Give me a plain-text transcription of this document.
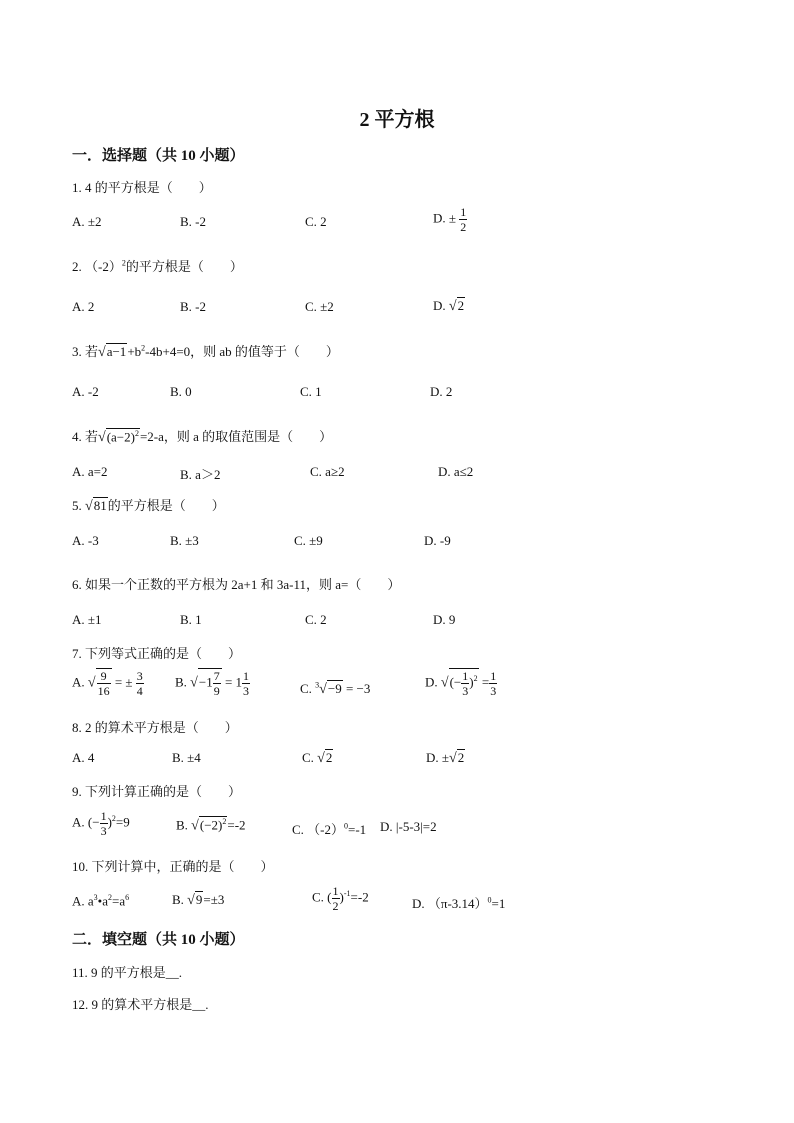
2 平方根
一．选择题（共 10 小题）
1. 4 的平方根是（　　）
A. ±2	B. -2	C. 2	D. ± $\frac{1}{2}$
2. $(-2)^2$的平方根是（　　）
A. 2	B. -2	C. ±2	D. √2
3. 若$√a-1+b^2-4b+4=0$，则 ab 的值等于（　　）
A. -2	B. 0	C. 1	D. 2
4. 若$√(a-2)^2=2-a$，则 a 的取值范围是（　　）
A. a=2	B. a＞2	C. a≥2	D. a≤2
5. √81的平方根是（　　）
A. -3	B. ±3	C. ±9	D. -9
6. 如果一个正数的平方根为 2a+1 和 3a-11，则 a=（　　）
A. ±1	B. 1	C. 2	D. 9
7. 下列等式正确的是（　　）
A. √ $\frac{9}{16}$ = ± $\frac{3}{4} B$. $√-1 \frac{7}{9} = 1 \frac{1}{3}$	C. $^3$√−9 = −3	D. √(− $\frac{1}{3} )^2 = \frac{1}{3}$
8. 2 的算术平方根是（　　）
A. 4	B. ±4	C. √2	D. ±√2
9. 下列计算正确的是（　　）
A. (− $\frac{1}{3} )^2=9$	B. $√(-2)^2=-2$	C. $(-2)^0=-1$ D. |-5-3|=2
10. 下列计算中，正确的是（　　）
A. $a^3•a^2=a^6$	B. √9=±3	C. ( $\frac{1}{2} )^{-1}=-2$	D. $(\pi-3.14)^0=1$
二．填空题（共 10 小题）
11. 9 的平方根是__.
12. 9 的算术平方根是__.
